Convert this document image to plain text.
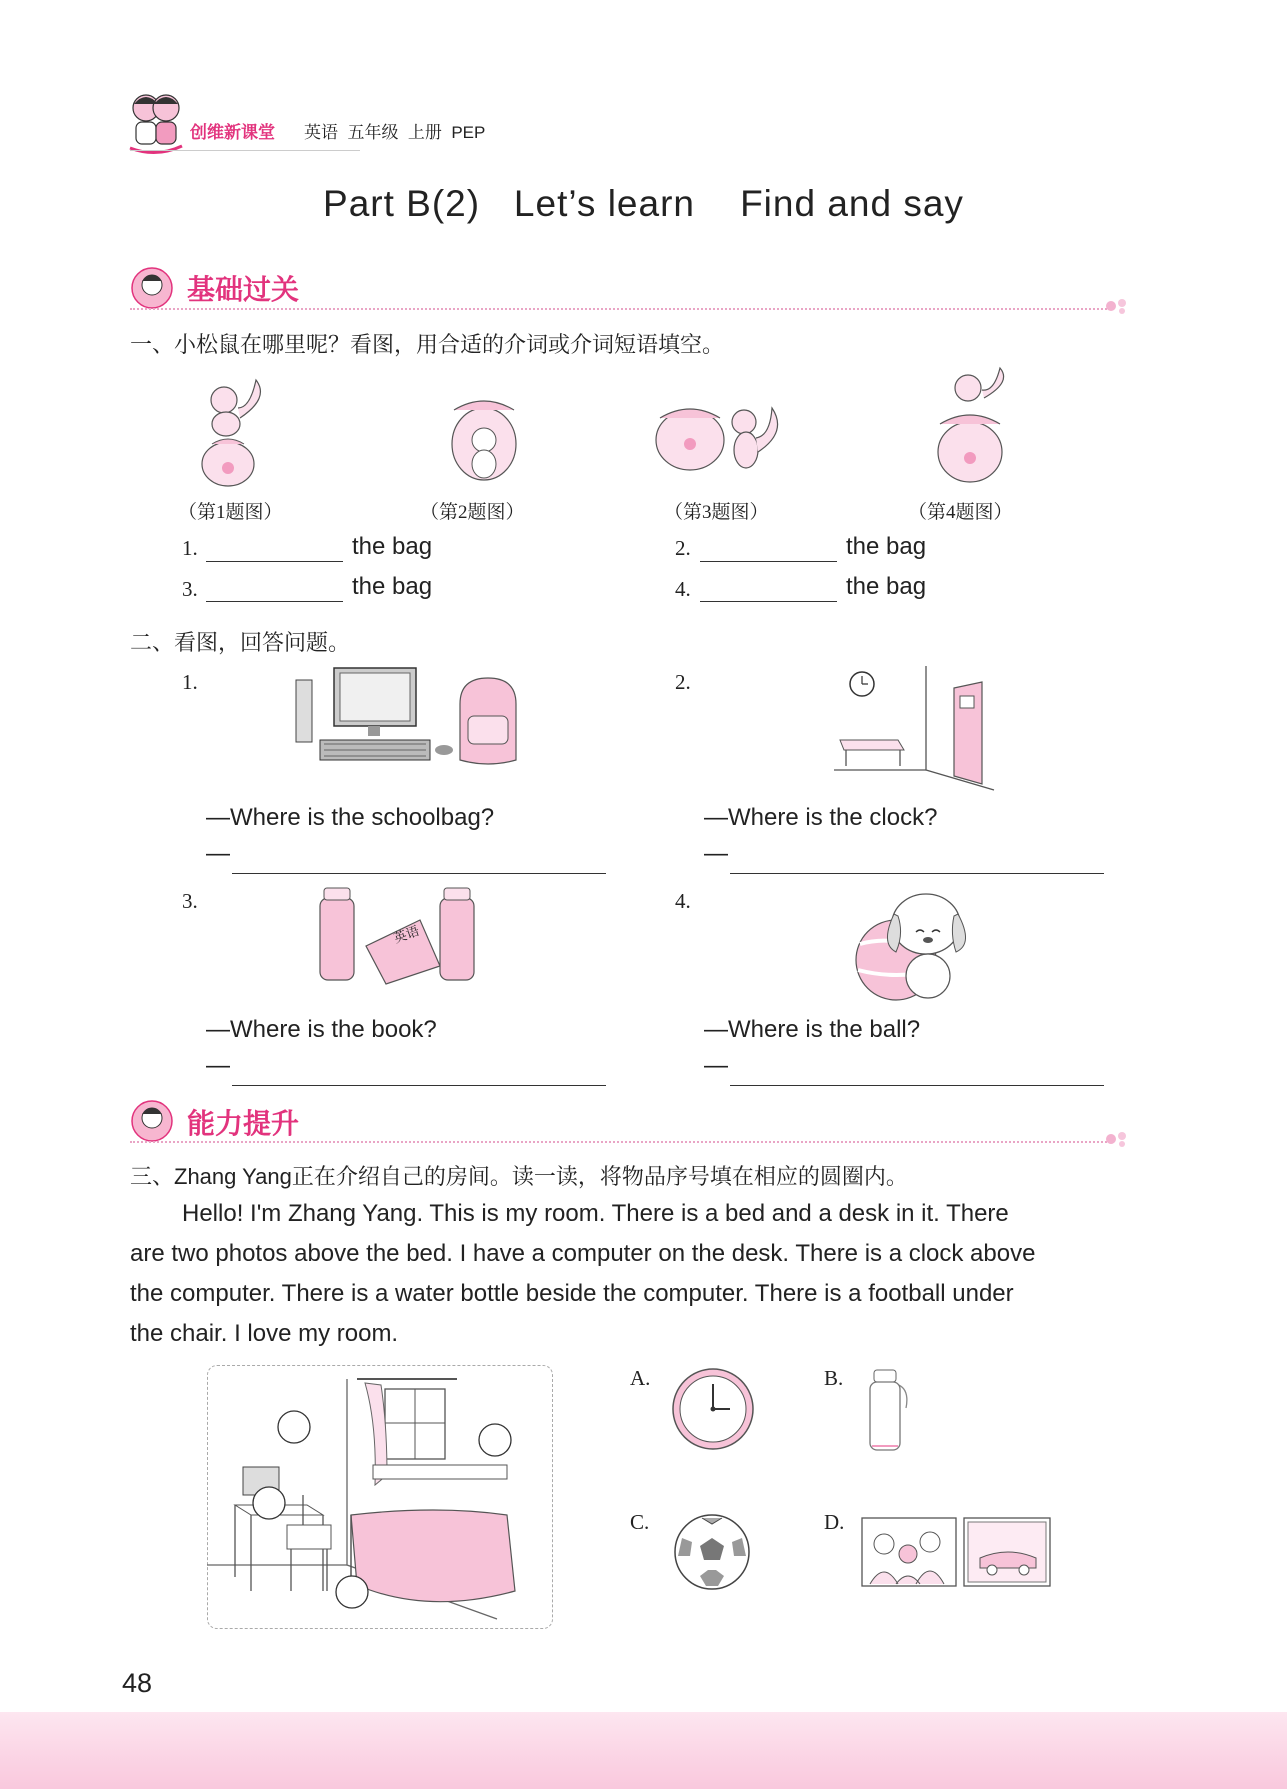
创维新课堂 英语  五年级  上册  PEP
Part B(2)   Let’s learn    Find and say
基础过关
一、小松鼠在哪里呢？看图，用合适的介词或介词短语填空。
（第1题图）	（第2题图）	（第3题图）	（第4题图）
1.	the bag	2.	the bag
3.	the bag	4.	the bag
二、看图，回答问题。
1.
—Where is the schoolbag?
—
2.
—Where is the clock?
—
3.
英语
—Where is the book?
—
4.
—Where is the ball?
—
能力提升
三、Zhang Yang正在介绍自己的房间。读一读，将物品序号填在相应的圆圈内。
Hello! I'm Zhang Yang. This is my room. There is a bed and a desk in it. There
are two photos above the bed. I have a computer on the desk. There is a clock above
the computer. There is a water bottle beside the computer. There is a football under
the chair. I love my room.
A.	B.
C.	D.
48
